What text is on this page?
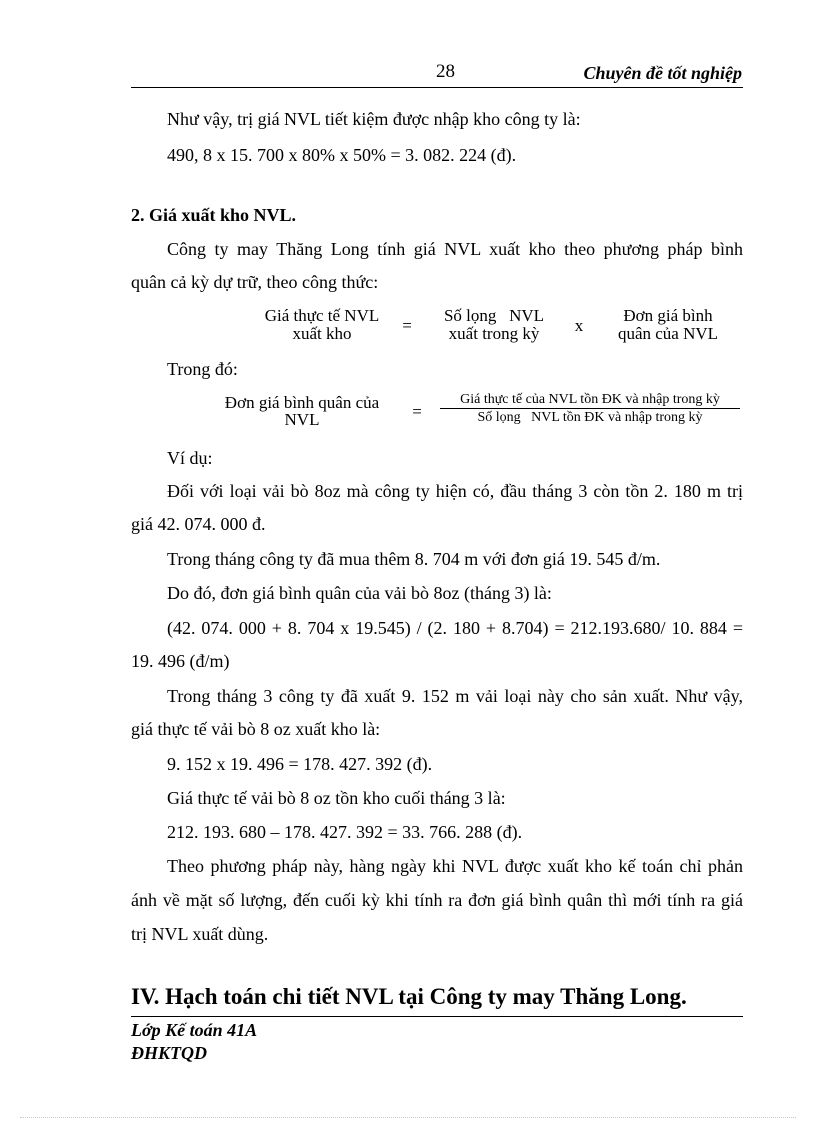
28	Chuyên đề tốt nghiệp
Như vậy, trị giá NVL tiết kiệm được nhập kho công ty là:
490, 8 x 15. 700 x 80% x 50% = 3. 082. 224 (đ).
2. Giá xuất kho NVL.
Công ty may Thăng Long tính giá NVL xuất kho theo phương pháp bình
quân cả kỳ dự trữ, theo công thức:
Giá thực tế NVL
xuất kho	=
Số lọng   NVL
xuất trong kỳ	x
Đơn giá bình
quân của NVL
Trong đó:
Đơn giá bình quân của
NVL	=
Giá thực tế của NVL tồn ĐK và nhập trong kỳ
Số lọng   NVL tồn ĐK và nhập trong kỳ
Ví dụ:
Đối với loại vải bò 8oz mà công ty hiện có, đầu tháng 3 còn tồn 2. 180 m trị
giá 42. 074. 000 đ.
Trong tháng công ty đã mua thêm 8. 704 m với đơn giá 19. 545 đ/m.
Do đó, đơn giá bình quân của vải bò 8oz (tháng 3) là:
(42. 074. 000 + 8. 704 x 19.545) / (2. 180 + 8.704) = 212.193.680/ 10. 884 =
19. 496 (đ/m)
Trong tháng 3 công ty đã xuất 9. 152 m vải loại này cho sản xuất. Như vậy,
giá thực tế vải bò 8 oz xuất kho là:
9. 152 x 19. 496 = 178. 427. 392 (đ).
Giá thực tế vải bò 8 oz tồn kho cuối tháng 3 là:
212. 193. 680 – 178. 427. 392 = 33. 766. 288 (đ).
Theo phương pháp này, hàng ngày khi NVL được xuất kho kế toán chỉ phản
ánh về mặt số lượng, đến cuối kỳ khi tính ra đơn giá bình quân thì mới tính ra giá
trị NVL xuất dùng.
IV. Hạch toán chi tiết NVL tại Công ty may Thăng Long.
Lớp Kế toán 41A
ĐHKTQD
